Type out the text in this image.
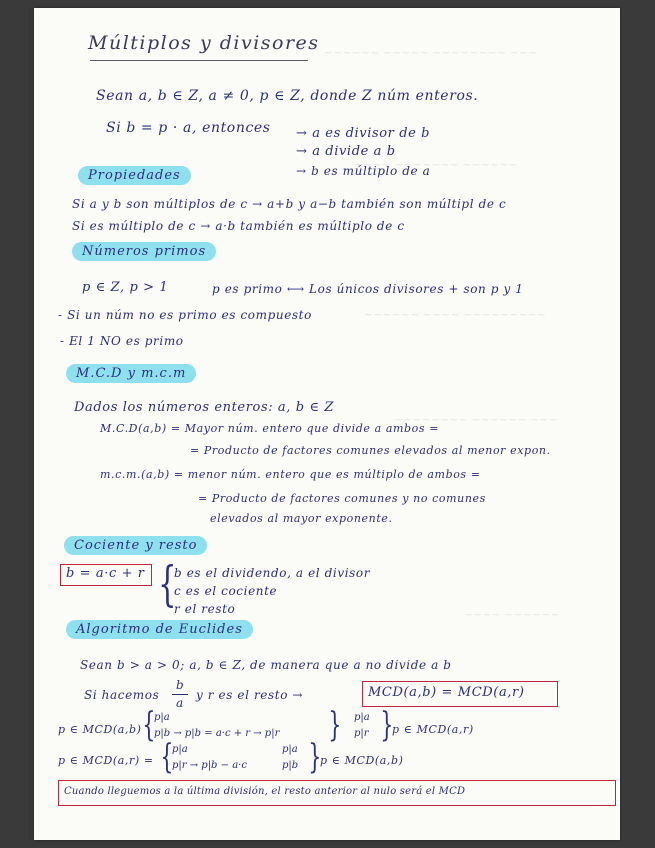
~~~~~~ ~~~~~ ~~~~~~~~ ~~~
~~~~ ~~~~~~~ ~~~~~~
~~~~~~ ~~~~ ~~~~~~~~~
~~~~~~~~ ~~~~~~ ~~~
~~~~ ~~~~~~
Múltiplos y divisores
Sean a, b ∈ Z, a ≠ 0, p ∈ Z, donde Z núm enteros.
Si b = p · a, entonces → a es divisor de b
→ a divide a b
→ b es múltiplo de a
Propiedades
Si a y b son múltiplos de c → a+b y a−b también son múltipl de c
Si es múltiplo de c → a·b también es múltiplo de c
Números primos
p ∈ Z, p > 1	p es primo ⟷ Los únicos divisores + son p y 1
- Si un núm no es primo es compuesto
- El 1 NO es primo
M.C.D y m.c.m
Dados los números enteros: a, b ∈ Z
M.C.D(a,b) = Mayor núm. entero que divide a ambos =
= Producto de factores comunes elevados al menor expon.
m.c.m.(a,b) = menor núm. entero que es múltiplo de ambos =
= Producto de factores comunes y no comunes
elevados al mayor exponente.
Cociente y resto
b = a·c + r {
b es el dividendo, a el divisor
c es el cociente
r el resto
Algoritmo de Euclides
Sean b > a > 0; a, b ∈ Z, de manera que a no divide a b
Si hacemos
b
a
y r es el resto →	MCD(a,b) = MCD(a,r)
p ∈ MCD(a,b) {
p|a
p|b → p|b = a·c + r → p|r } p|a
p|r }
p ∈ MCD(a,r)
p ∈ MCD(a,r) = {
p|a
p|r → p|b − a·c
p|a
p|b }
p ∈ MCD(a,b)
Cuando lleguemos a la última división, el resto anterior al nulo será el MCD
